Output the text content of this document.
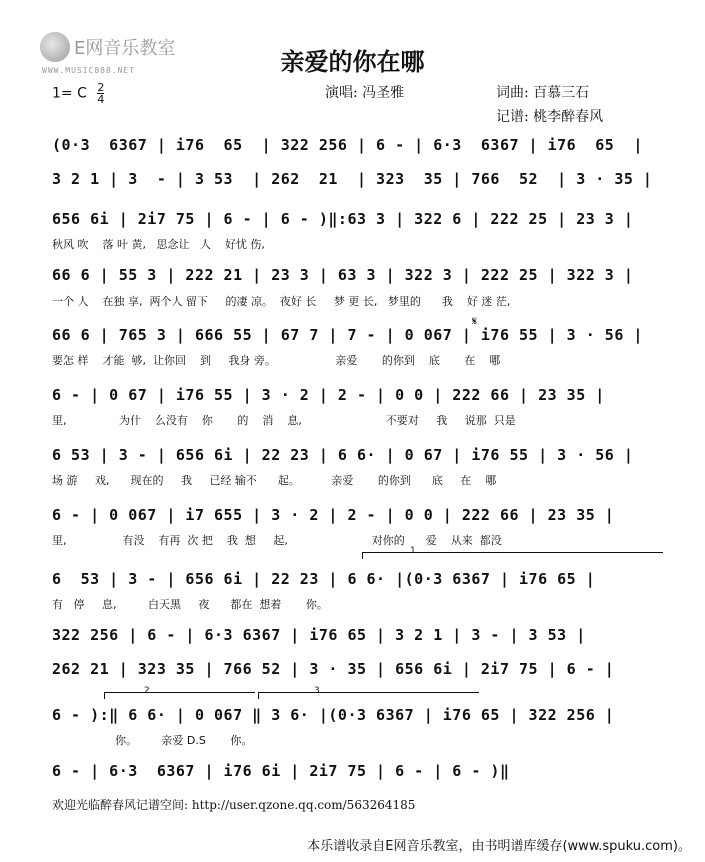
E网音乐教室
WWW.MUSIC888.NET	亲爱的你在哪
1= C $\frac{2}{4}$	演唱: 冯圣雅	词曲: 百慕三石
记谱: 桃李醉春风
(0·3  6367 | i76  65  | 322 256 | 6 - | 6·3  6367 | i76  65  |
3 2 1 | 3  - | 3 53  | 262  21  | 323  35 | 766  52  | 3 · 35 |
656 6i | 2i7 75 | 6 - | 6 - )‖:63 3 | 322 6 | 222 25 | 23 3 |
秋风 吹    落 叶 黄,   思念让   人    好忧 伤,
66 6 | 55 3 | 222 21 | 23 3 | 63 3 | 322 3 | 222 25 | 322 3 |
一个 人    在独 享,  两个人 留下     的凄 凉。  夜好 长     梦 更 长,   梦里的      我    好 迷 茫,
66 6 | 765 3 | 666 55 | 67 7 | 7 - | 0 067 | i76 55 | 3 · 56 |
要怎 样    才能  够,  让你回    到     我身 旁。                 亲爱       的你到    底       在    哪
𝄋
6 - | 0 67 | i76 55 | 3 · 2 | 2 - | 0 0 | 222 66 | 23 35 |
里,               为什    么没有    你       的    消    息,                        不要对     我     说那  只是
6 53 | 3 - | 656 6i | 22 23 | 6 6· | 0 67 | i76 55 | 3 · 56 |
场 游     戏,      现在的     我     已经 输不      起。         亲爱       的你到      底     在    哪
6 - | 0 067 | i7 655 | 3 · 2 | 2 - | 0 0 | 222 66 | 23 35 |
里,                有没    有再  次 把    我  想     起,                        对你的      爱    从来  都没
1
6  53 | 3 - | 656 6i | 22 23 | 6 6· |(0·3 6367 | i76 65 |
有   停     息,         白天黑     夜      都在  想着       你。
322 256 | 6 - | 6·3 6367 | i76 65 | 3 2 1 | 3 - | 3 53 |
262 21 | 323 35 | 766 52 | 3 · 35 | 656 6i | 2i7 75 | 6 - |
2	3
6 - ):‖ 6 6· | 0 067 ‖ 3 6· |(0·3 6367 | i76 65 | 322 256 |
你。       亲爱 D.S       你。
6 - | 6·3  6367 | i76 6i | 2i7 75 | 6 - | 6 - )‖
欢迎光临醉春风记谱空间: http://user.qzone.qq.com/563264185
本乐谱收录自E网音乐教室，由书明谱库缓存(www.spuku.com)。
